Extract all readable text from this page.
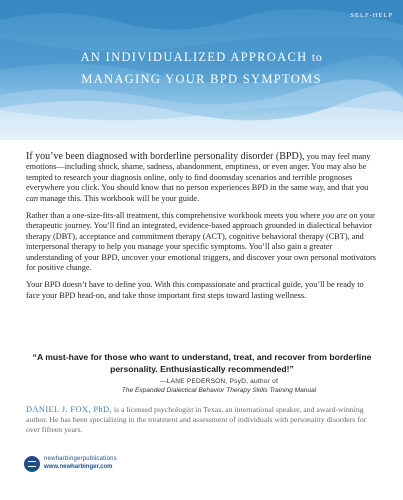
SELF-HELP
AN INDIVIDUALIZED APPROACH to
MANAGING YOUR BPD SYMPTOMS

If you’ve been diagnosed with borderline personality disorder (BPD), you may feel many emotions—including shock, shame, sadness, abandonment, emptiness, or even anger. You may also be tempted to research your diagnosis online, only to find doomsday scenarios and terrible prognoses everywhere you click. You should know that no person experiences BPD in the same way, and that you can manage this. This workbook will be your guide.

Rather than a one-size-fits-all treatment, this comprehensive workbook meets you where you are on your therapeutic journey. You’ll find an integrated, evidence-based approach grounded in dialectical behavior therapy (DBT), acceptance and commitment therapy (ACT), cognitive behavioral therapy (CBT), and interpersonal therapy to help you manage your specific symptoms. You’ll also gain a greater understanding of your BPD, uncover your emotional triggers, and discover your own personal motivators for positive change.

Your BPD doesn’t have to define you. With this compassionate and practical guide, you’ll be ready to face your BPD head-on, and take those important first steps toward lasting wellness.

“A must-have for those who want to understand, treat, and recover from borderline personality. Enthusiastically recommended!”
—LANE PEDERSON, PsyD, author of
The Expanded Dialectical Behavior Therapy Skills Training Manual
DANIEL J. FOX, PhD, is a licensed psychologist in Texas, an international speaker, and award-winning author. He has been specializing in the treatment and assessment of individuals with personality disorders for over fifteen years.
newharbingerpublications
www.newharbinger.com
